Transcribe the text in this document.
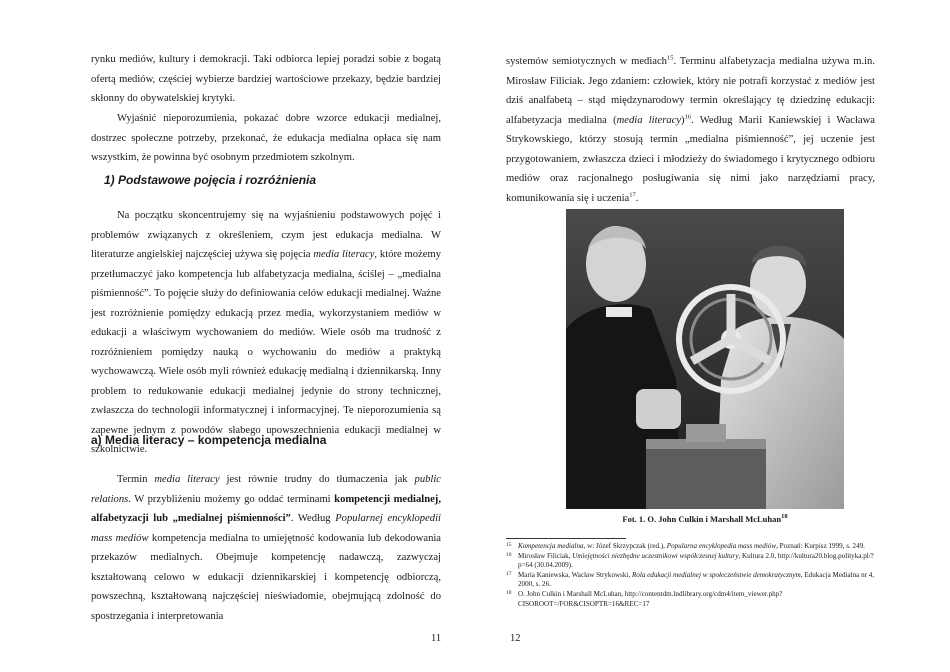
rynku mediów, kultury i demokracji. Taki odbiorca lepiej poradzi sobie z bogatą ofertą mediów, częściej wybierze bardziej wartościowe przekazy, będzie bardziej skłonny do obywatelskiej krytyki.

Wyjaśnić nieporozumienia, pokazać dobre wzorce edukacji medialnej, dostrzec społeczne potrzeby, przekonać, że edukacja medialna opłaca się nam wszystkim, że powinna być osobnym przedmiotem szkolnym.

1) Podstawowe pojęcia i rozróżnienia

Na początku skoncentrujemy się na wyjaśnieniu podstawowych pojęć i problemów związanych z określeniem, czym jest edukacja medialna. W literaturze angielskiej najczęściej używa się pojęcia media literacy, które możemy przetłumaczyć jako kompetencja lub alfabetyzacja medialna, ściślej – „medialna piśmienność”. To pojęcie służy do definiowania celów edukacji medialnej. Ważne jest rozróżnienie pomiędzy edukacją przez media, wykorzystaniem mediów w edukacji a właściwym wychowaniem do mediów. Wiele osób ma trudność z rozróżnieniem pomiędzy nauką o wychowaniu do mediów a praktyką wychowawczą. Wiele osób myli również edukację medialną i dziennikarską. Inny problem to redukowanie edukacji medialnej jedynie do strony technicznej, zwłaszcza do technologii informatycznej i informacyjnej. Te nieporozumienia są zapewne jednym z powodów słabego upowszechnienia edukacji medialnej w szkolnictwie.

a) Media literacy – kompetencja medialna

Termin media literacy jest równie trudny do tłumaczenia jak public relations. W przybliżeniu możemy go oddać terminami kompetencji medialnej, alfabetyzacji lub „medialnej piśmienności”. Według Popularnej encyklopedii mass mediów kompetencja medialna to umiejętność kodowania lub dekodowania przekazów medialnych. Obejmuje kompetencję nadawczą, zazwyczaj kształtowaną celowo w edukacji dziennikarskiej i kompetencję odbiorczą, powszechną, kształtowaną najczęściej nieświadomie, obejmującą zdolność do spostrzegania i interpretowania

11

systemów semiotycznych w mediach$^{15}$. Terminu alfabetyzacja medialna używa m.in. Mirosław Filiciak. Jego zdaniem: człowiek, który nie potrafi korzystać z mediów jest dziś analfabetą – stąd międzynarodowy termin określający tę dziedzinę edukacji: alfabetyzacja medialna (media literacy)$^{16}$. Według Marii Kaniewskiej i Wacława Strykowskiego, którzy stosują termin „medialna piśmienność”, jej uczenie jest przygotowaniem, zwłaszcza dzieci i młodzieży do świadomego i krytycznego odbioru mediów oraz racjonalnego posługiwania się nimi jako narzędziami pracy, komunikowania się i uczenia$^{17}$.

Fot. 1. O. John Culkin i Marshall McLuhan$^{18}$

15 Kompetencja medialna, w: Józef Skrzypczak (red.), Popularna encyklopedia mass mediów, Poznań: Kurpisz 1999, s. 249.
16 Mirosław Filiciak, Umiejętności niezbędne uczestnikowi współczesnej kultury, Kultura 2.0, http://kultura20.blog.polityka.pl/?p=64 (30.04.2009).
17 Maria Kaniewska, Wacław Strykowski, Rola edukacji medialnej w społeczeństwie demokratycznym, Edukacja Medialna nr 4, 2000, s. 26.
18 O. John Culkin i Marshall McLuhan, http://contentdm.lndlibrary.org/cdm4/item_viewer.php?CISOROOT=/FOR&CISOPTR=16&REC=17
12
